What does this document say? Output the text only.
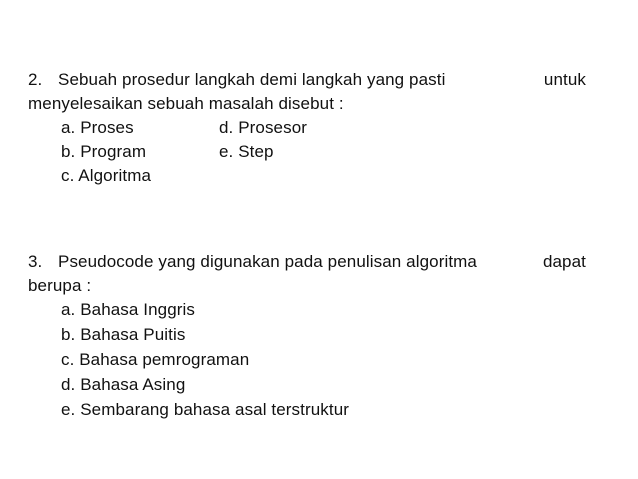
2. Sebuah prosedur langkah demi langkah yang pasti	untuk
menyelesaikan sebuah masalah disebut :
a. Proses	d. Prosesor
b. Program	e. Step
c. Algoritma
3. Pseudocode yang digunakan pada penulisan algoritma	dapat
berupa :
a. Bahasa Inggris
b. Bahasa Puitis
c. Bahasa pemrograman
d. Bahasa Asing
e. Sembarang bahasa asal terstruktur
